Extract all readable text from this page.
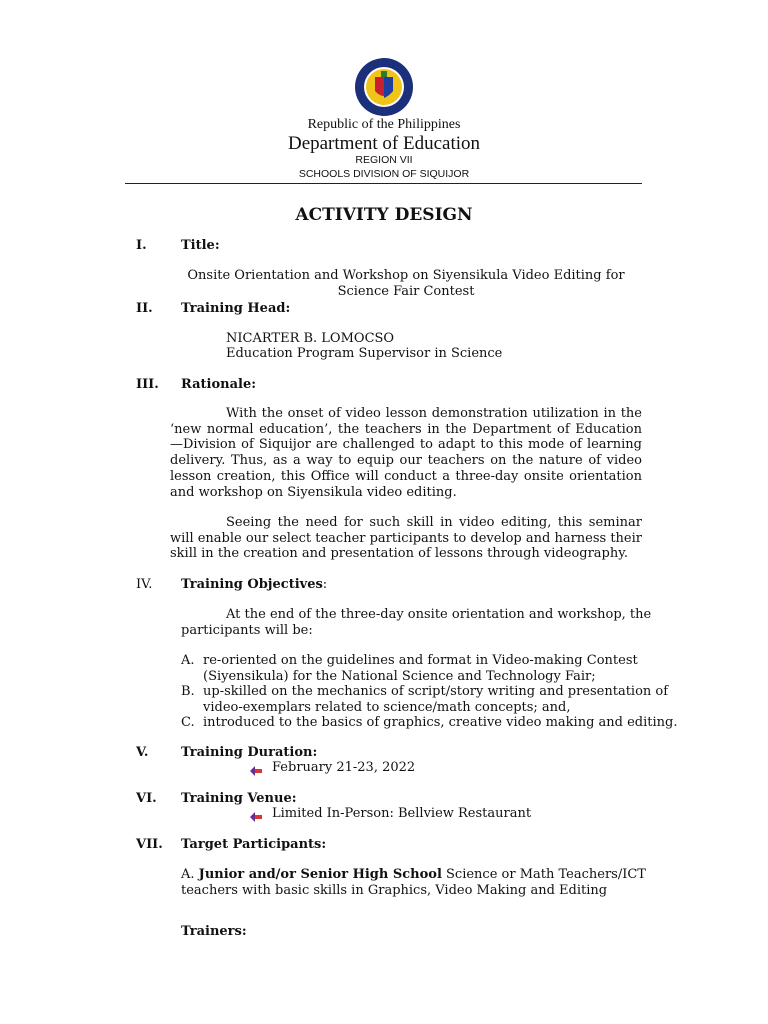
Republic of the Philippines
Department of Education
REGION VII
SCHOOLS DIVISION OF SIQUIJOR
ACTIVITY DESIGN
I.	Title:

Onsite Orientation and Workshop on Siyensikula Video Editing for

Science Fair Contest

II. Training Head:
NICARTER B. LOMOCSO
Education Program Supervisor in Science
III. Rationale:
With the onset of video lesson demonstration utilization in the ‘new normal education’, the teachers in the Department of Education—Division of Siquijor are challenged to adapt to this mode of learning delivery. Thus, as a way to equip our teachers on the nature of video lesson creation, this Office will conduct a three-day onsite orientation and workshop on Siyensikula video editing.
Seeing the need for such skill in video editing, this seminar will enable our select teacher participants to develop and harness their skill in the creation and presentation of lessons through videography.
IV. Training Objectives:
At the end of the three-day onsite orientation and workshop, the
participants will be:
A. re-oriented on the guidelines and format in Video-making Contest

(Siyensikula) for the National Science and Technology Fair;

B. up-skilled on the mechanics of script/story writing and presentation of

video-exemplars related to science/math concepts; and,

C. introduced to the basics of graphics, creative video making and editing.

V.	Training Duration:
February 21-23, 2022
VI. Training Venue:
Limited In-Person: Bellview Restaurant
VII. Target Participants:
A. Junior and/or Senior High School Science or Math Teachers/ICT
teachers with basic skills in Graphics, Video Making and Editing
Trainers:
